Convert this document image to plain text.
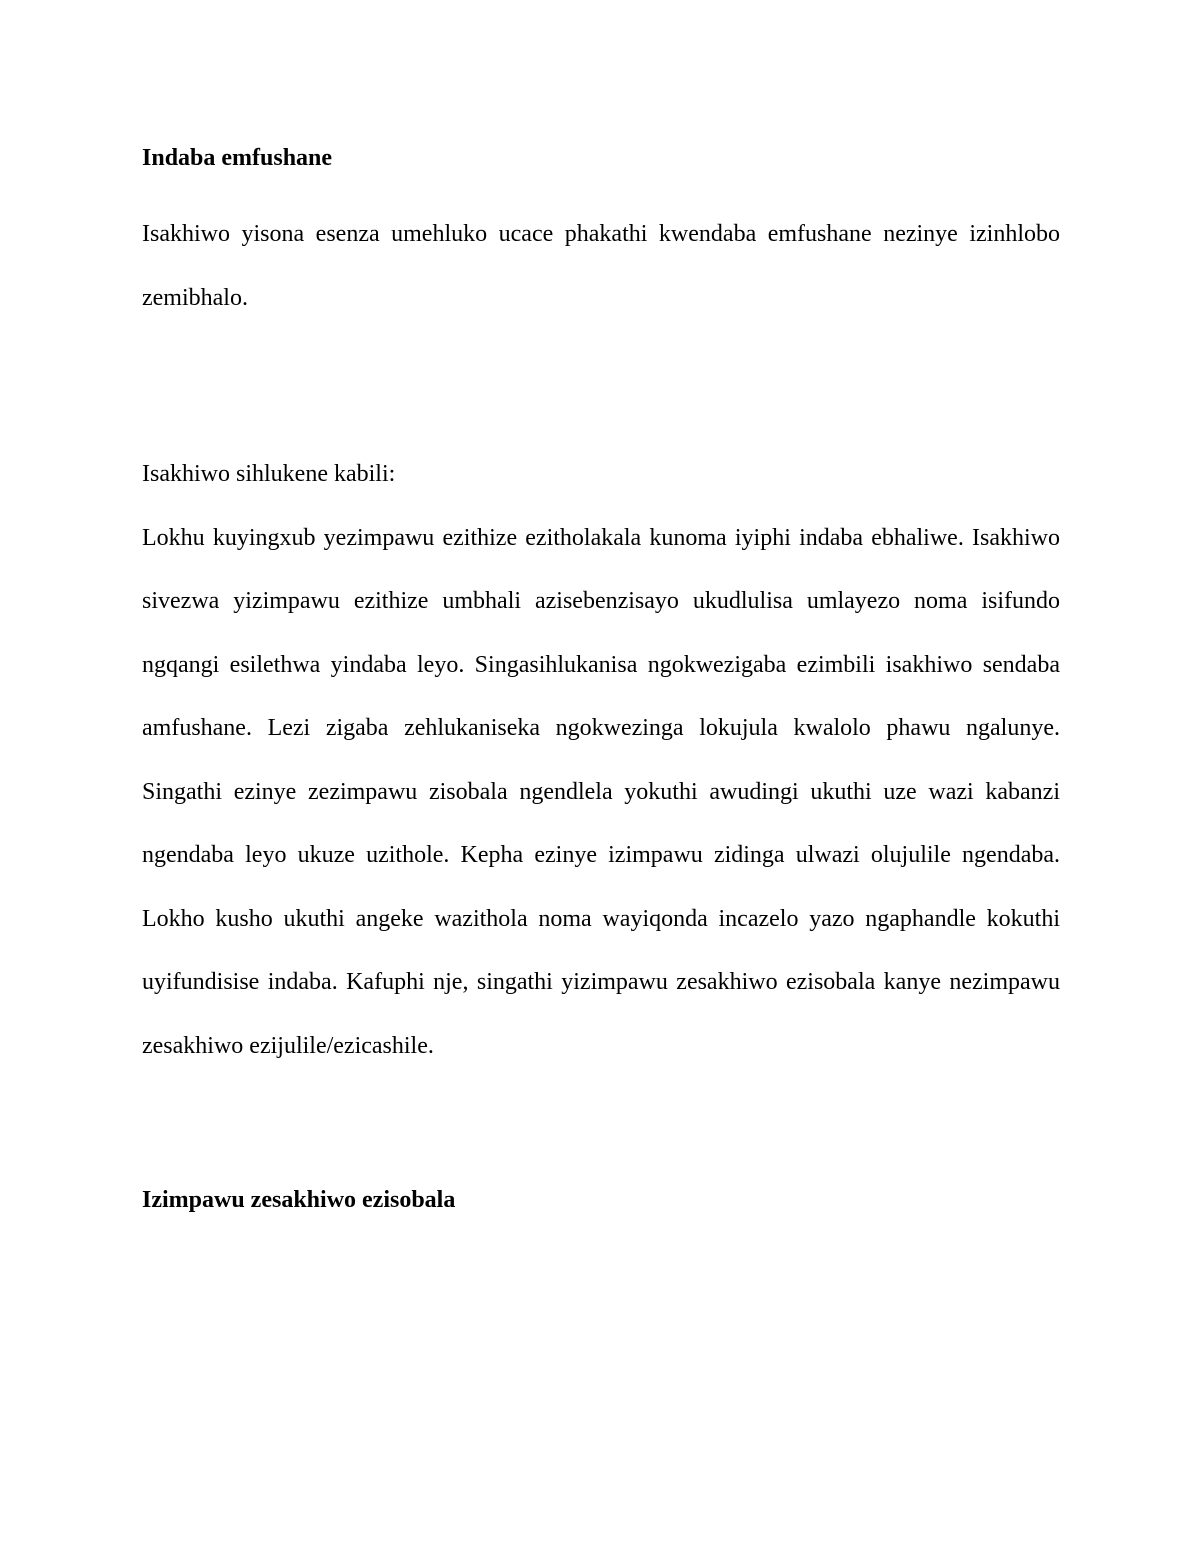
Indaba emfushane

Isakhiwo yisona esenza umehluko ucace phakathi kwendaba emfushane nezinye izinhlobo zemibhalo.

Isakhiwo sihlukene kabili:

Lokhu kuyingxub yezimpawu ezithize ezitholakala kunoma iyiphi indaba ebhaliwe. Isakhiwo sivezwa yizimpawu ezithize umbhali azisebenzisayo ukudlulisa umlayezo noma isifundo ngqangi esilethwa yindaba leyo. Singasihlukanisa ngokwezigaba ezimbili isakhiwo sendaba amfushane. Lezi zigaba zehlukaniseka ngokwezinga lokujula kwalolo phawu ngalunye. Singathi ezinye zezimpawu zisobala ngendlela yokuthi awudingi ukuthi uze wazi kabanzi ngendaba leyo ukuze uzithole. Kepha ezinye izimpawu zidinga ulwazi olujulile ngendaba. Lokho kusho ukuthi angeke wazithola noma wayiqonda incazelo yazo ngaphandle kokuthi uyifundisise indaba. Kafuphi nje, singathi yizimpawu zesakhiwo ezisobala kanye nezimpawu zesakhiwo ezijulile/ezicashile.

Izimpawu zesakhiwo ezisobala
